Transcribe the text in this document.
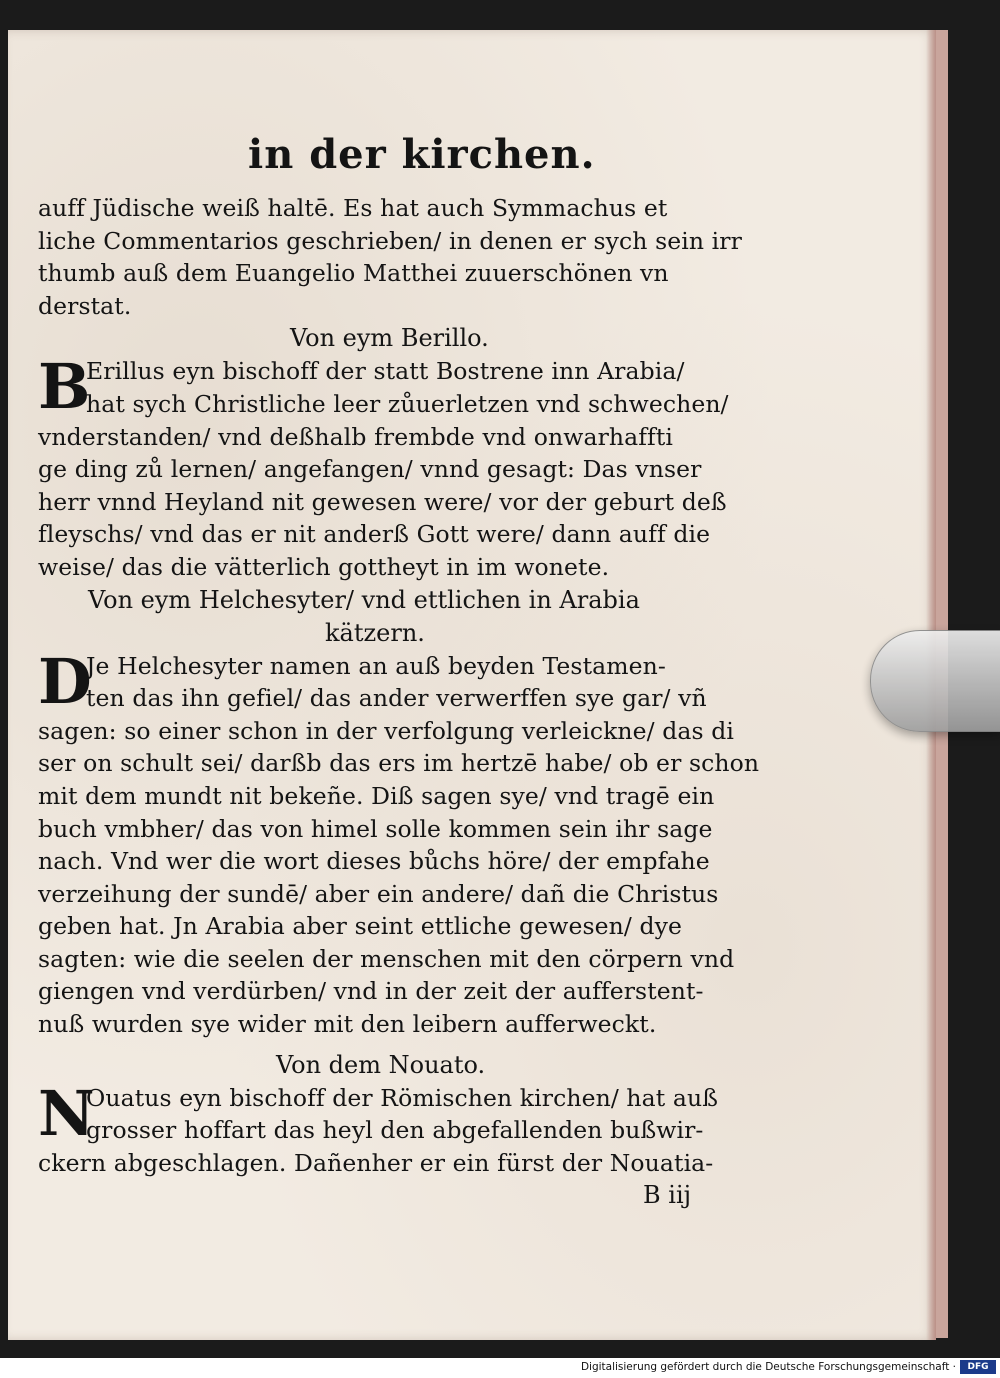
in der kirchen.
auff Jüdische weiß haltē. Es hat auch Symmachus et
liche Commentarios geschrieben/ in denen er sych sein irr
thumb auß dem Euangelio Matthei zuuerschönen vn
derstat.
Von eym Berillo.
B
Erillus eyn bischoff der statt Bostrene inn Arabia/
hat sych Christliche leer zůuerletzen vnd schwechen/
vnderstanden/ vnd deßhalb frembde vnd onwarhaffti
ge ding zů lernen/ angefangen/ vnnd gesagt: Das vnser
herr vnnd Heyland nit gewesen were/ vor der geburt deß
fleyschs/ vnd das er nit anderß Gott were/ dann auff die
weise/ das die vätterlich gottheyt in im wonete.
Von eym Helchesyter/ vnd ettlichen in Arabia
kätzern.
D
Je Helchesyter namen an auß beyden Testamen-
ten das ihn gefiel/ das ander verwerffen sye gar/ vñ
sagen: so einer schon in der verfolgung verleickne/ das di
ser on schult sei/ darßb das ers im hertzē habe/ ob er schon
mit dem mundt nit bekeñe. Diß sagen sye/ vnd tragē ein
buch vmbher/ das von himel solle kommen sein ihr sage
nach. Vnd wer die wort dieses bůchs höre/ der empfahe
verzeihung der sundē/ aber ein andere/ dañ die Christus
geben hat. Jn Arabia aber seint ettliche gewesen/ dye
sagten: wie die seelen der menschen mit den cörpern vnd
giengen vnd verdürben/ vnd in der zeit der aufferstent-
nuß wurden sye wider mit den leibern aufferweckt.
Von dem Nouato.
N
Ouatus eyn bischoff der Römischen kirchen/ hat auß
grosser hoffart das heyl den abgefallenden bußwir-
ckern abgeschlagen. Dañenher er ein fürst der Nouatia-
B iij
Digitalisierung gefördert durch die Deutsche Forschungsgemeinschaft ·	DFG
